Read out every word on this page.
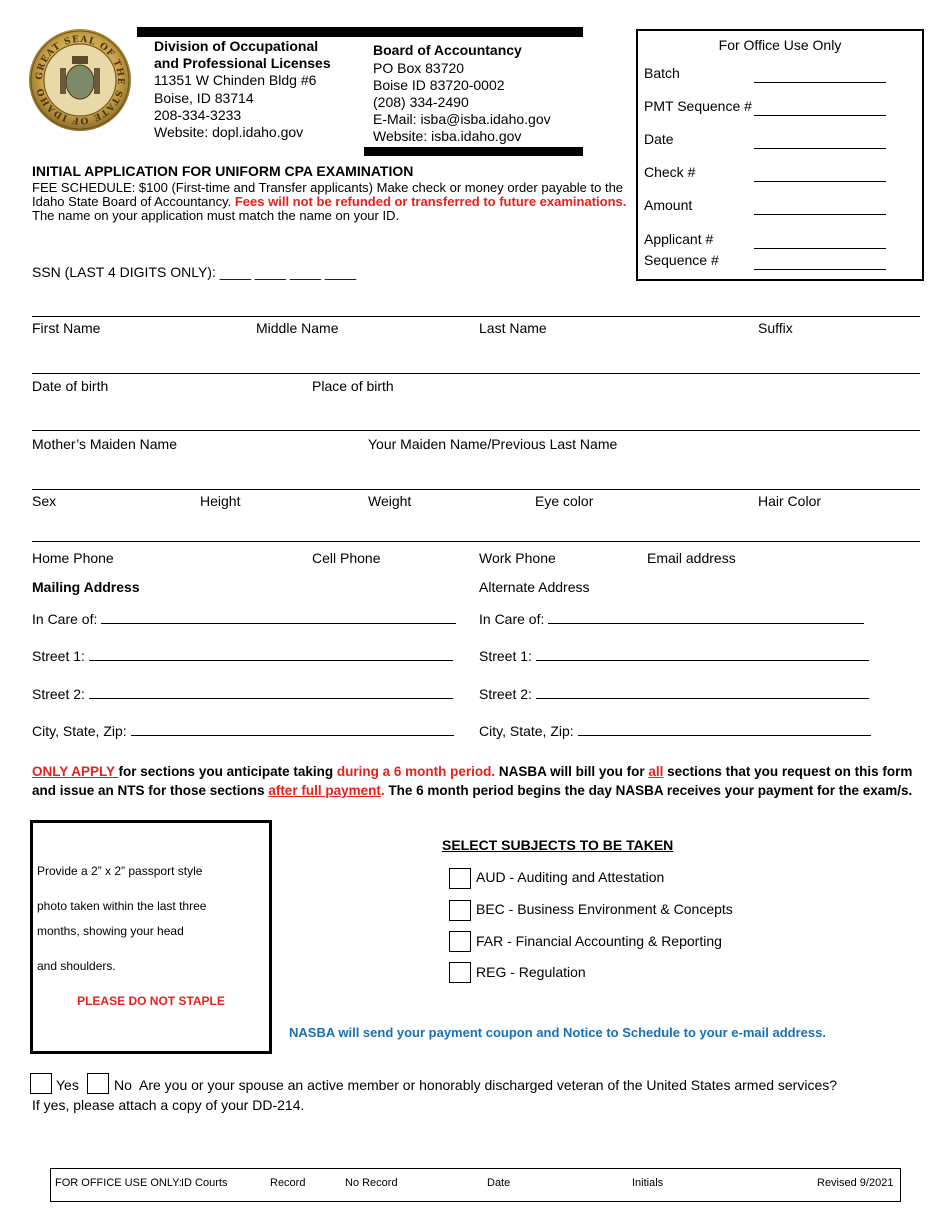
GREAT SEAL OF THE STATE OF IDAHO
Division of Occupational
and Professional Licenses
11351 W Chinden Bldg #6
Boise, ID 83714
208-334-3233
Website: dopl.idaho.gov
Board of Accountancy
PO Box 83720
Boise ID 83720-0002
(208) 334-2490
E-Mail: isba@isba.idaho.gov
Website: isba.idaho.gov
For Office Use Only
Batch
PMT Sequence #
Date
Check #
Amount
Applicant #
Sequence #
INITIAL APPLICATION FOR UNIFORM CPA EXAMINATION
FEE SCHEDULE: $100 (First-time and Transfer applicants) Make check or money order payable to the Idaho State Board of Accountancy. Fees will not be refunded or transferred to future examinations. The name on your application must match the name on your ID.
SSN (LAST 4 DIGITS ONLY): ____ ____ ____ ____
First Name	Middle Name	Last Name	Suffix
Date of birth	Place of birth
Mother’s Maiden Name	Your Maiden Name/Previous Last Name
Sex	Height	Weight	Eye color	Hair Color
Home Phone	Cell Phone	Work Phone	Email address
Mailing Address	Alternate Address
In Care of:	In Care of:
Street 1:	Street 1:
Street 2:	Street 2:
City, State, Zip:	City, State, Zip:
ONLY APPLY for sections you anticipate taking during a 6 month period. NASBA will bill you for all sections that you request on this form and issue an NTS for those sections after full payment. The 6 month period begins the day NASBA receives your payment for the exam/s.
Provide a 2” x 2” passport style
photo taken within the last three
months, showing your head
and shoulders.
PLEASE DO NOT STAPLE
SELECT SUBJECTS TO BE TAKEN
AUD - Auditing and Attestation
BEC - Business Environment & Concepts
FAR - Financial Accounting & Reporting
REG - Regulation
NASBA will send your payment coupon and Notice to Schedule to your e-mail address.
Yes	No Are you or your spouse an active member or honorably discharged veteran of the United States armed services?
If yes, please attach a copy of your DD-214.
FOR OFFICE USE ONLY: ID Courts	Record	No Record	Date	Initials	Revised 9/2021
